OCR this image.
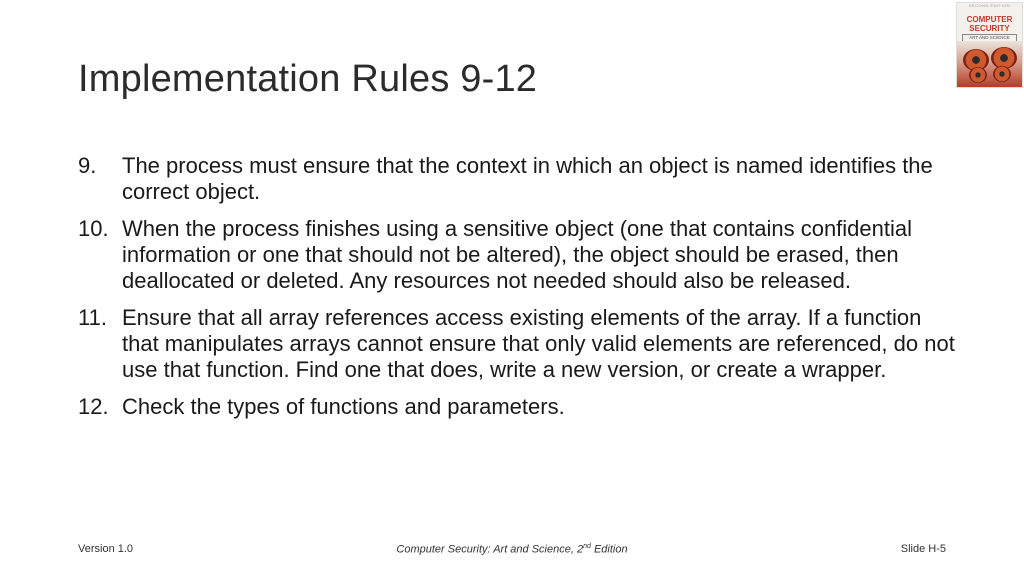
Implementation Rules 9-12
SECOND EDITION
COMPUTER
SECURITY
ART AND SCIENCE
9.	The process must ensure that the context in which an object is named identifies the correct object.
10. When the process finishes using a sensitive object (one that contains confidential information or one that should not be altered), the object should be erased, then deallocated or deleted. Any resources not needed should also be released.
11. Ensure that all array references access existing elements of the array. If a function that manipulates arrays cannot ensure that only valid elements are referenced, do not use that function. Find one that does, write a new version, or create a wrapper.
12. Check the types of functions and parameters.
Version 1.0	Computer Security: Art and Science, 2nd Edition	Slide H-5
